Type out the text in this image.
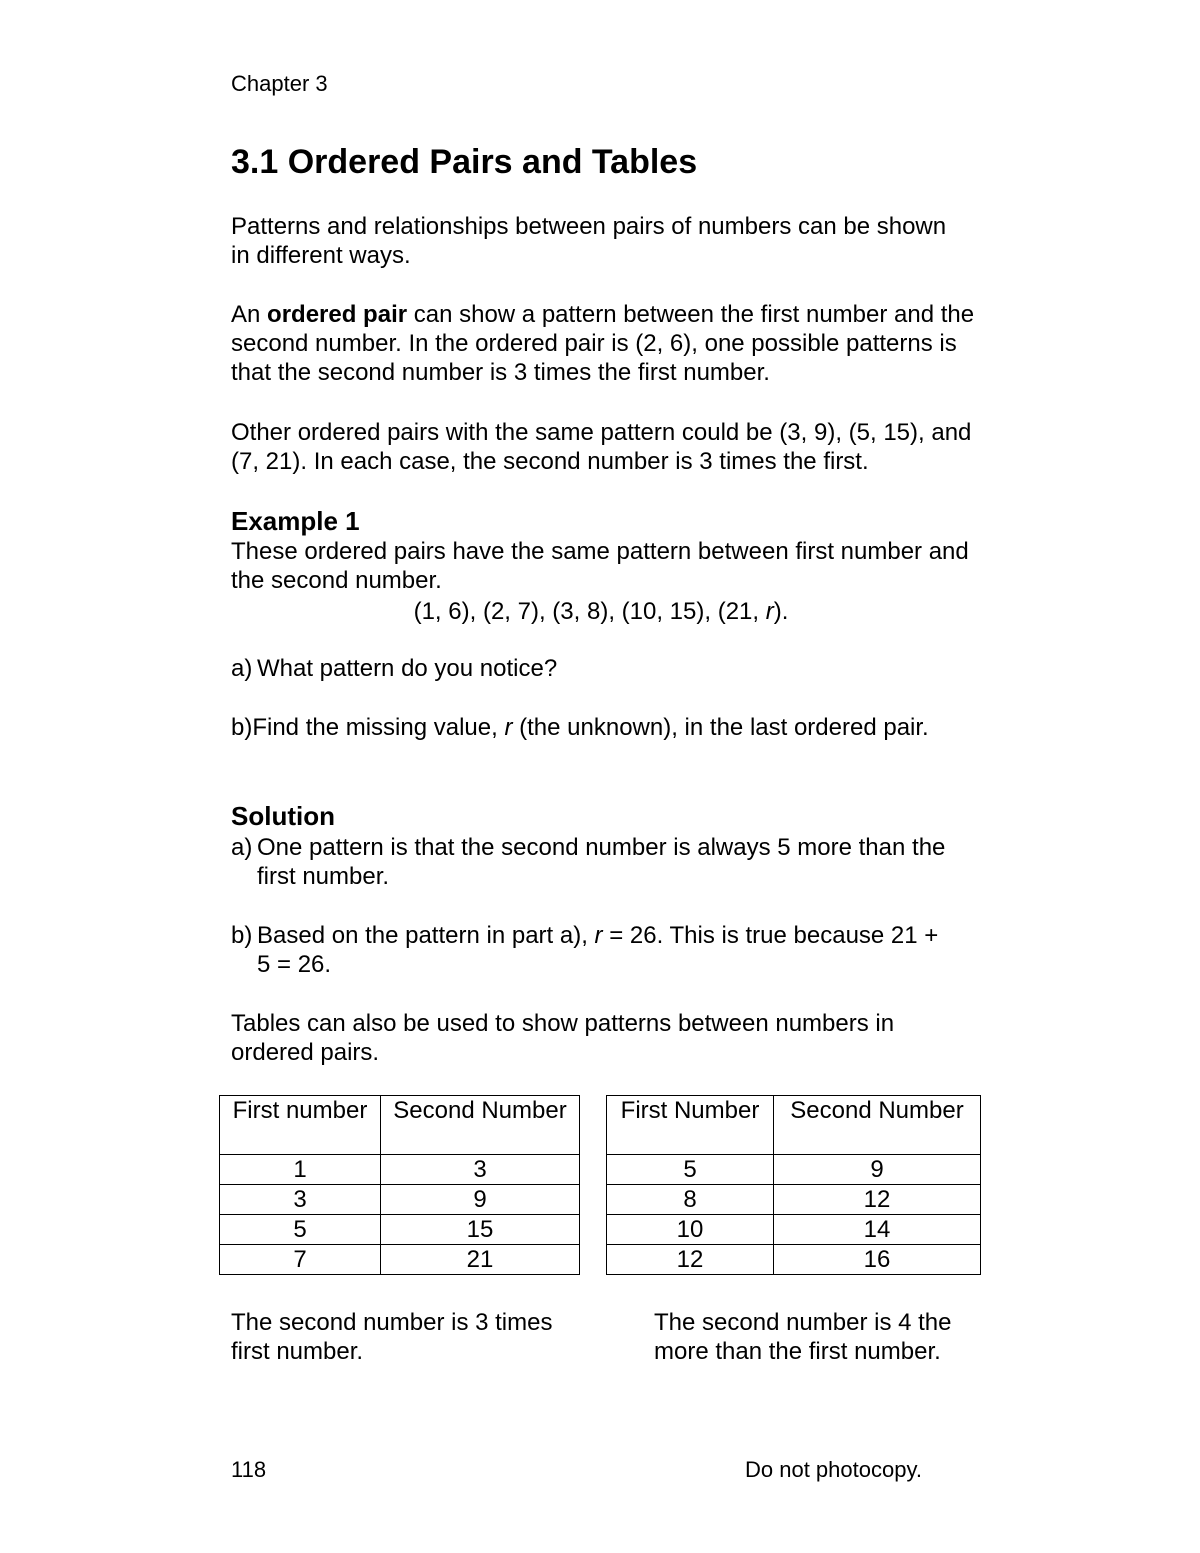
Chapter 3
3.1 Ordered Pairs and Tables
Patterns and relationships between pairs of numbers can be shown in different ways.
An ordered pair can show a pattern between the first number and the second number. In the ordered pair is (2, 6), one possible patterns is that the second number is 3 times the first number.
Other ordered pairs with the same pattern could be (3, 9), (5, 15), and (7, 21). In each case, the second number is 3 times the first.
Example 1
These ordered pairs have the same pattern between first number and the second number.
(1, 6), (2, 7), (3, 8), (10, 15), (21, r).
a) What pattern do you notice?
b)Find the missing value, r (the unknown), in the last ordered pair.
Solution
a) One pattern is that the second number is always 5 more than the first number.
b) Based on the pattern in part a), r = 26. This is true because 21 + 5 = 26.
Tables can also be used to show patterns between numbers in ordered pairs.
First number	Second Number
1	3
3	9
5	15
7	21
First Number	Second Number
5	9
8	12
10	14
12	16
The second number is 3 times first number.
The second number is 4 the more than the first number.
118	Do not photocopy.
